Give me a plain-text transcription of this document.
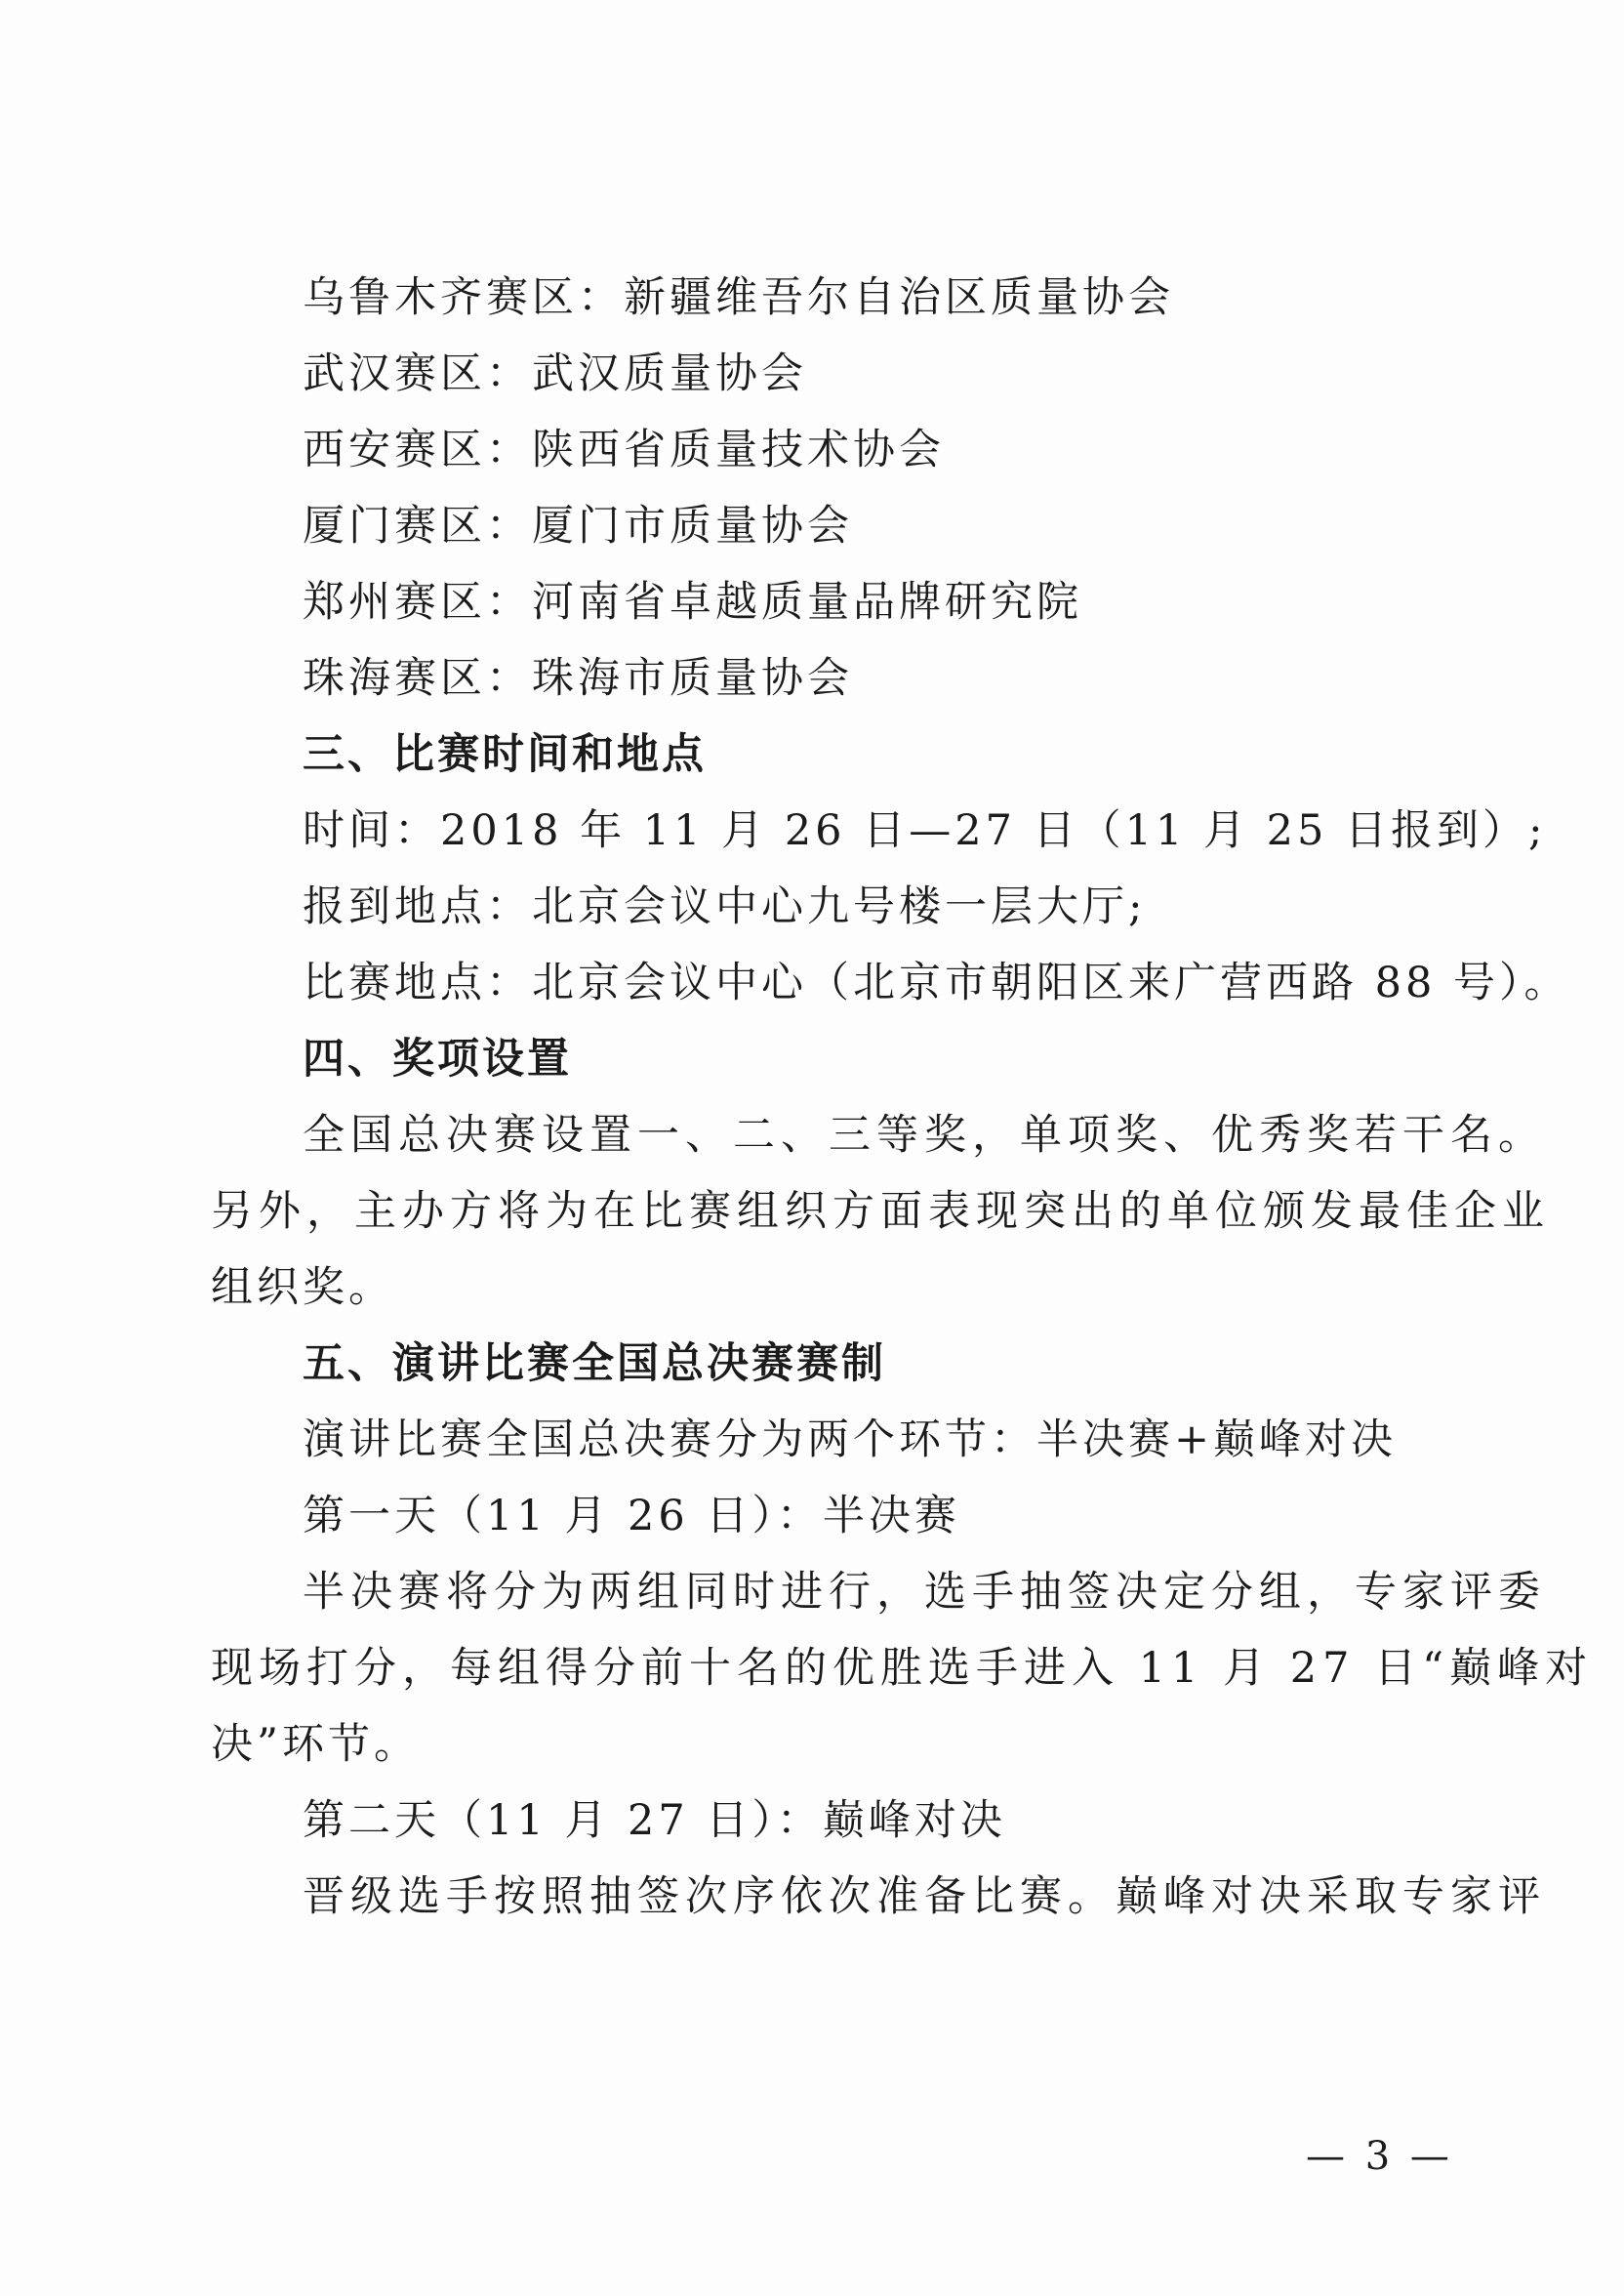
乌鲁木齐赛区：新疆维吾尔自治区质量协会
武汉赛区：武汉质量协会
西安赛区：陕西省质量技术协会
厦门赛区：厦门市质量协会
郑州赛区：河南省卓越质量品牌研究院
珠海赛区：珠海市质量协会
三、比赛时间和地点
时间：2018 年 11 月 26 日—27 日（11 月 25 日报到）;
报到地点：北京会议中心九号楼一层大厅;
比赛地点：北京会议中心（北京市朝阳区来广营西路 88 号）。
四、奖项设置
全国总决赛设置一、二、三等奖，单项奖、优秀奖若干名。
另外，主办方将为在比赛组织方面表现突出的单位颁发最佳企业
组织奖。
五、演讲比赛全国总决赛赛制
演讲比赛全国总决赛分为两个环节：半决赛+巅峰对决
第一天（11 月 26 日）：半决赛
半决赛将分为两组同时进行，选手抽签决定分组，专家评委
现场打分，每组得分前十名的优胜选手进入 11 月 27 日“巅峰对
决”环节。
第二天（11 月 27 日）：巅峰对决
晋级选手按照抽签次序依次准备比赛。巅峰对决采取专家评
— 3 —
